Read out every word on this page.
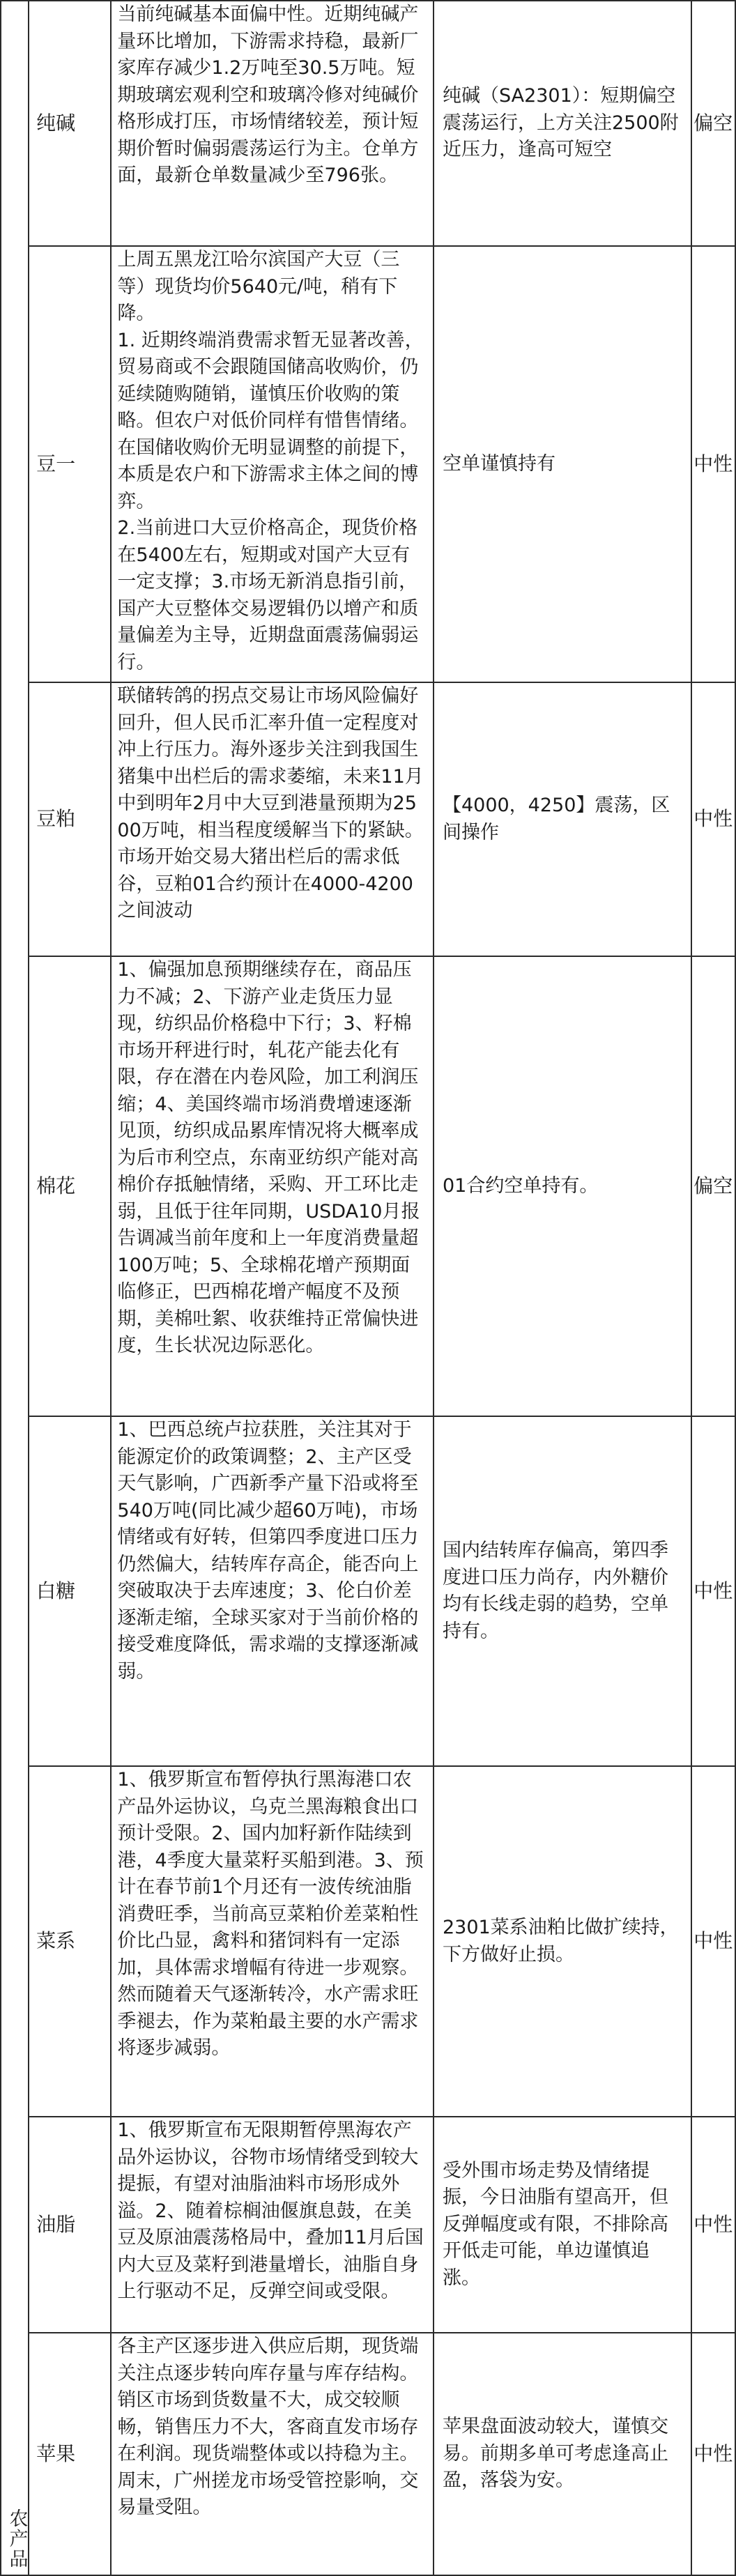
农产品	纯碱	当前纯碱基本面偏中性。近期纯碱产量环比增加，下游需求持稳，最新厂家库存减少1.2万吨至30.5万吨。短期玻璃宏观利空和玻璃冷修对纯碱价格形成打压，市场情绪较差，预计短期价暂时偏弱震荡运行为主。仓单方面，最新仓单数量减少至796张。	纯碱（SA2301）：短期偏空震荡运行，上方关注2500附近压力，逢高可短空	偏空
	豆一	上周五黑龙江哈尔滨国产大豆（三等）现货均价5640元/吨，稍有下降。

1. 近期终端消费需求暂无显著改善，贸易商或不会跟随国储高收购价，仍延续随购随销，谨慎压价收购的策略。但农户对低价同样有惜售情绪。在国储收购价无明显调整的前提下，本质是农户和下游需求主体之间的博弈。

2.当前进口大豆价格高企，现货价格在5400左右，短期或对国产大豆有一定支撑；3.市场无新消息指引前，国产大豆整体交易逻辑仍以增产和质量偏差为主导，近期盘面震荡偏弱运行。	空单谨慎持有	中性
	豆粕	联储转鸽的拐点交易让市场风险偏好回升，但人民币汇率升值一定程度对冲上行压力。海外逐步关注到我国生猪集中出栏后的需求萎缩，未来11月中到明年2月中大豆到港量预期为2500万吨，相当程度缓解当下的紧缺。市场开始交易大猪出栏后的需求低谷，豆粕01合约预计在4000-4200之间波动	【4000，4250】震荡，区间操作	中性
	棉花	1、偏强加息预期继续存在，商品压力不减；2、下游产业走货压力显现，纺织品价格稳中下行；3、籽棉市场开秤进行时，轧花产能去化有限，存在潜在内卷风险，加工利润压缩；4、美国终端市场消费增速逐渐见顶，纺织成品累库情况将大概率成为后市利空点，东南亚纺织产能对高棉价存抵触情绪，采购、开工环比走弱，且低于往年同期，USDA10月报告调减当前年度和上一年度消费量超100万吨；5、全球棉花增产预期面临修正，巴西棉花增产幅度不及预期，美棉吐絮、收获维持正常偏快进度，生长状况边际恶化。	01合约空单持有。	偏空
	白糖	1、巴西总统卢拉获胜，关注其对于能源定价的政策调整；2、主产区受天气影响，广西新季产量下沿或将至540万吨(同比减少超60万吨)，市场情绪或有好转，但第四季度进口压力仍然偏大，结转库存高企，能否向上突破取决于去库速度；3、伦白价差逐渐走缩，全球买家对于当前价格的接受难度降低，需求端的支撑逐渐减弱。	国内结转库存偏高，第四季度进口压力尚存，内外糖价均有长线走弱的趋势，空单持有。	中性
	菜系	1、俄罗斯宣布暂停执行黑海港口农产品外运协议，乌克兰黑海粮食出口预计受限。2、国内加籽新作陆续到港，4季度大量菜籽买船到港。3、预计在春节前1个月还有一波传统油脂消费旺季，当前高豆菜粕价差菜粕性价比凸显，禽料和猪饲料有一定添加，具体需求增幅有待进一步观察。然而随着天气逐渐转冷，水产需求旺季褪去，作为菜粕最主要的水产需求将逐步减弱。	2301菜系油粕比做扩续持，下方做好止损。	中性
	油脂	1、俄罗斯宣布无限期暂停黑海农产品外运协议，谷物市场情绪受到较大提振，有望对油脂油料市场形成外溢。2、随着棕榈油偃旗息鼓，在美豆及原油震荡格局中，叠加11月后国内大豆及菜籽到港量增长，油脂自身上行驱动不足，反弹空间或受限。	受外围市场走势及情绪提振，今日油脂有望高开，但反弹幅度或有限，不排除高开低走可能，单边谨慎追涨。	中性
	苹果	各主产区逐步进入供应后期，现货端关注点逐步转向库存量与库存结构。销区市场到货数量不大，成交较顺畅，销售压力不大，客商直发市场存在利润。现货端整体或以持稳为主。周末，广州搓龙市场受管控影响，交易量受阻。	苹果盘面波动较大，谨慎交易。前期多单可考虑逢高止盈，落袋为安。	中性
